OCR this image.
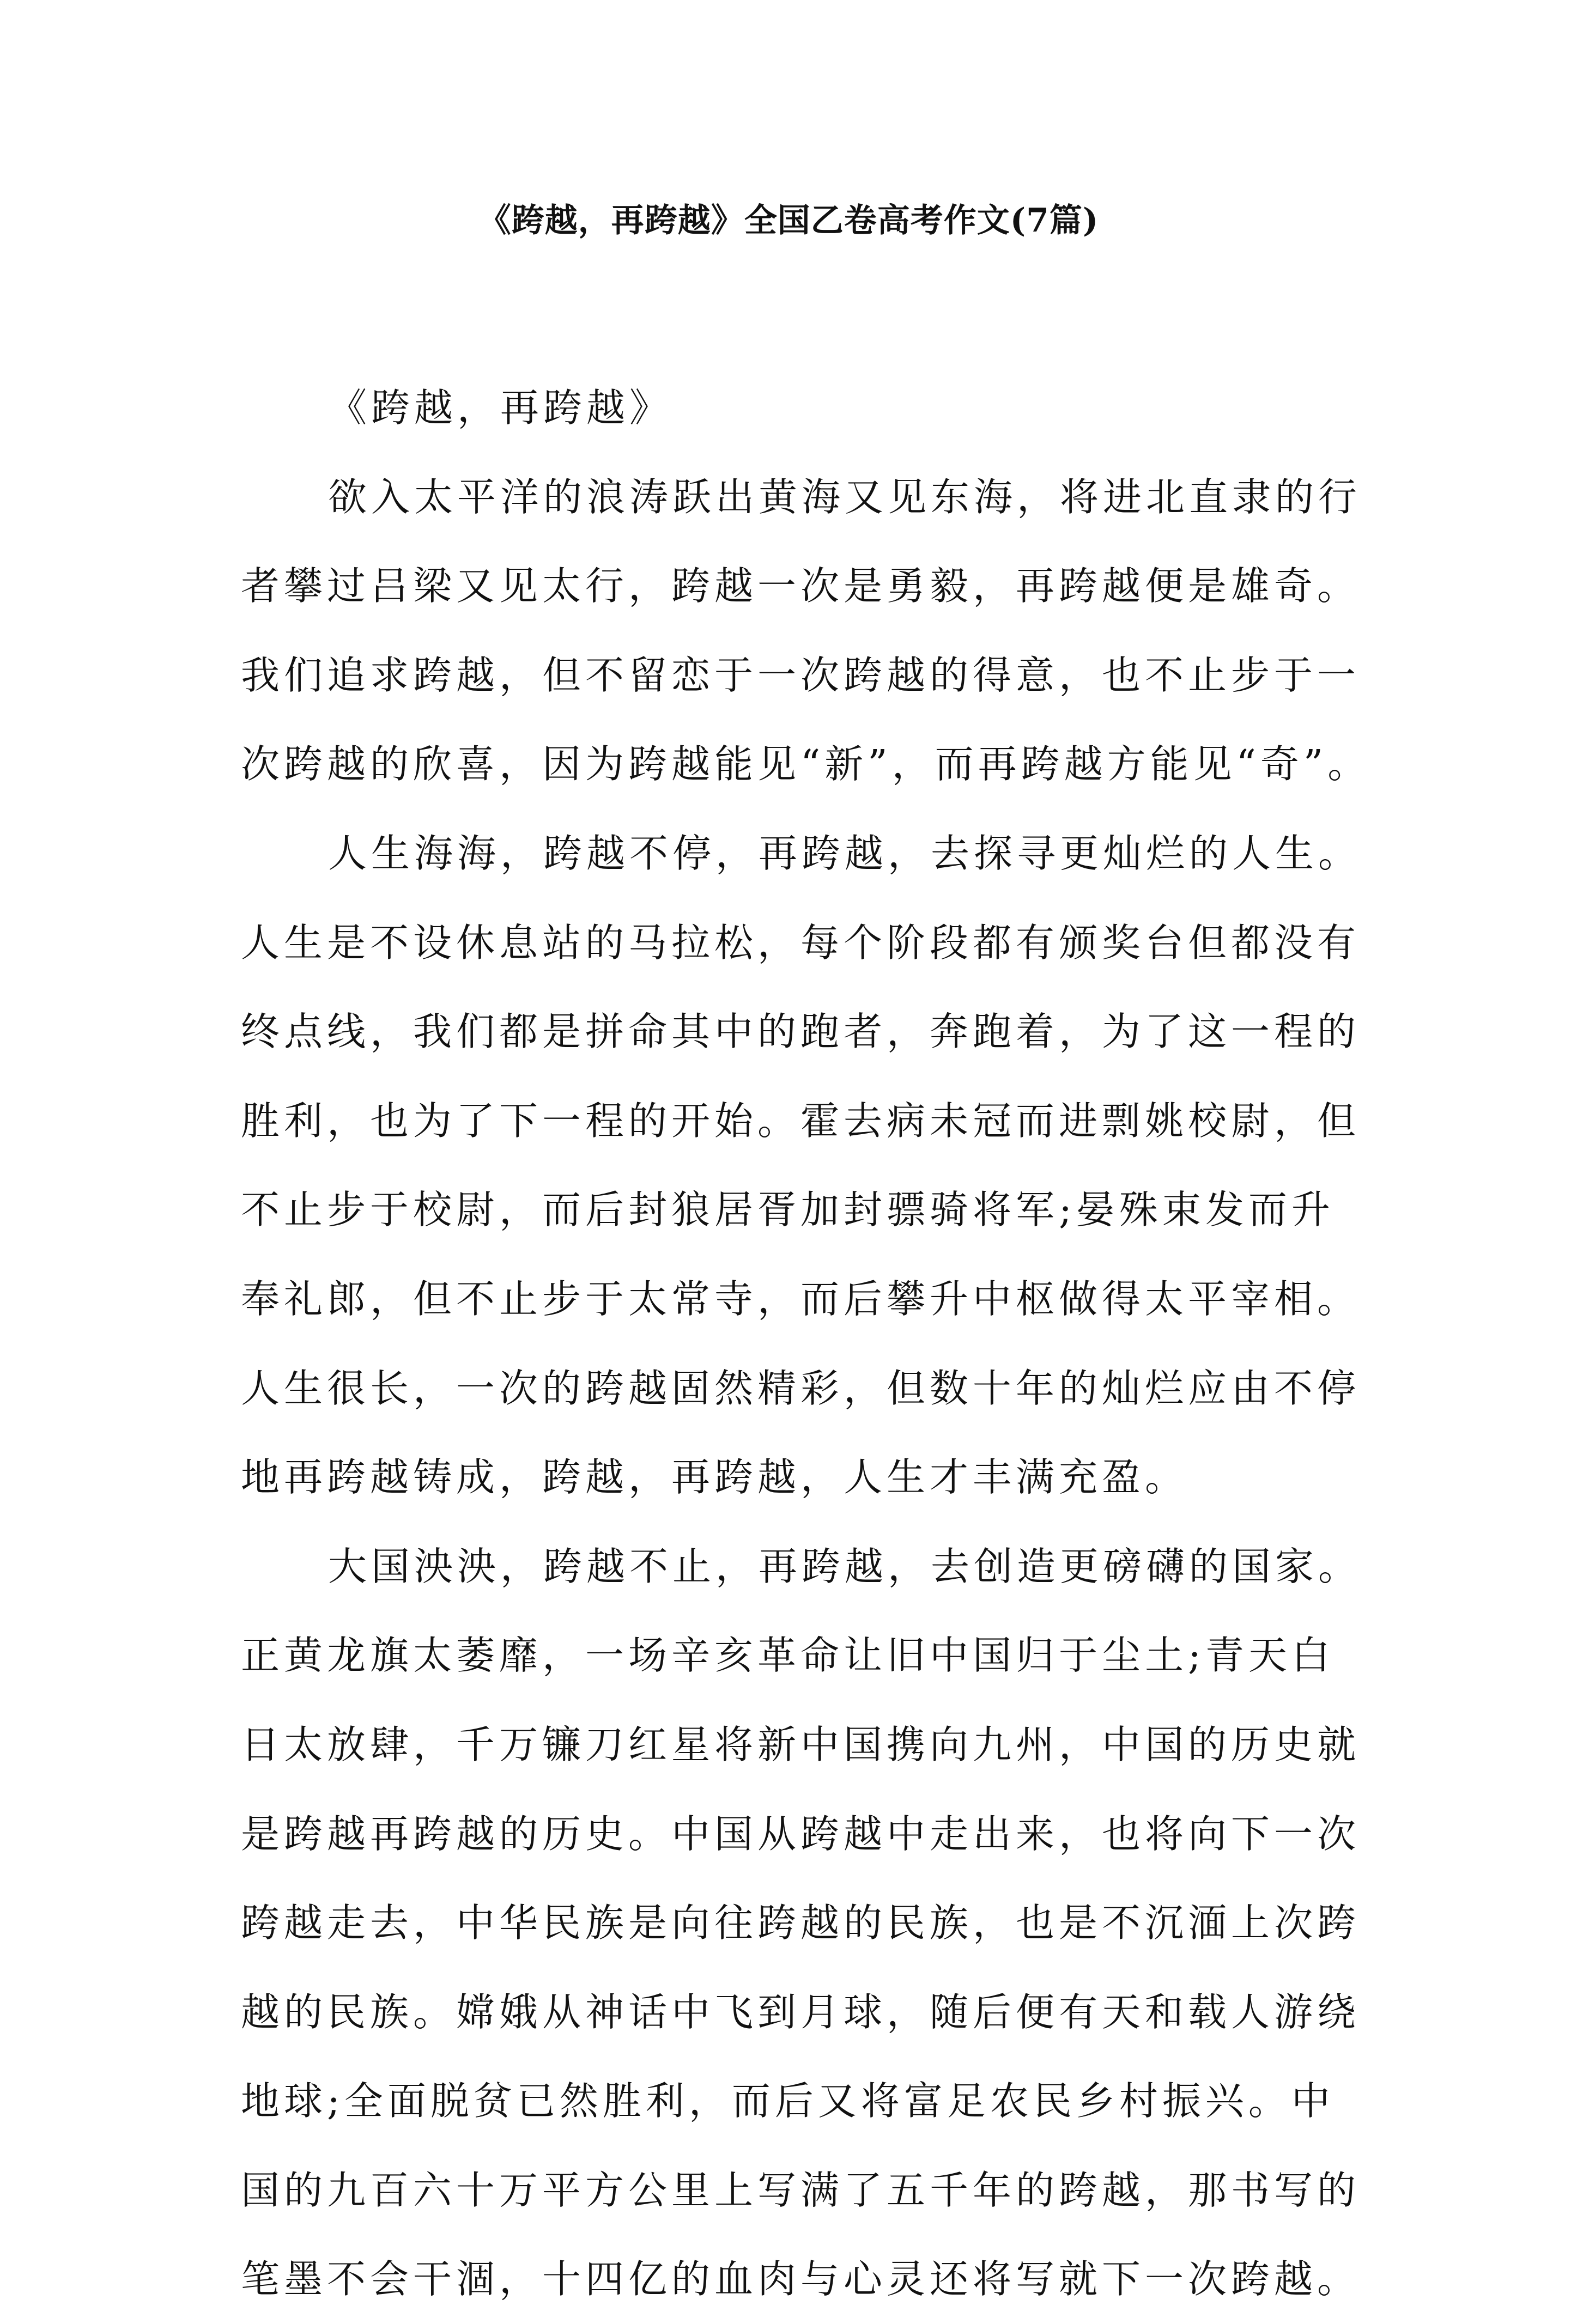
《跨越，再跨越》全国乙卷高考作文(7篇)
《跨越，再跨越》
欲入太平洋的浪涛跃出黄海又见东海，将进北直隶的行
者攀过吕梁又见太行，跨越一次是勇毅，再跨越便是雄奇。
我们追求跨越，但不留恋于一次跨越的得意，也不止步于一
次跨越的欣喜，因为跨越能见“新”，而再跨越方能见“奇”。
人生海海，跨越不停，再跨越，去探寻更灿烂的人生。
人生是不设休息站的马拉松，每个阶段都有颁奖台但都没有
终点线，我们都是拼命其中的跑者，奔跑着，为了这一程的
胜利，也为了下一程的开始。霍去病未冠而进剽姚校尉，但
不止步于校尉，而后封狼居胥加封骠骑将军;晏殊束发而升
奉礼郎，但不止步于太常寺，而后攀升中枢做得太平宰相。
人生很长，一次的跨越固然精彩，但数十年的灿烂应由不停
地再跨越铸成，跨越，再跨越，人生才丰满充盈。
大国泱泱，跨越不止，再跨越，去创造更磅礴的国家。
正黄龙旗太萎靡，一场辛亥革命让旧中国归于尘土;青天白
日太放肆，千万镰刀红星将新中国携向九州，中国的历史就
是跨越再跨越的历史。中国从跨越中走出来，也将向下一次
跨越走去，中华民族是向往跨越的民族，也是不沉湎上次跨
越的民族。嫦娥从神话中飞到月球，随后便有天和载人游绕
地球;全面脱贫已然胜利，而后又将富足农民乡村振兴。中
国的九百六十万平方公里上写满了五千年的跨越，那书写的
笔墨不会干涸，十四亿的血肉与心灵还将写就下一次跨越。
